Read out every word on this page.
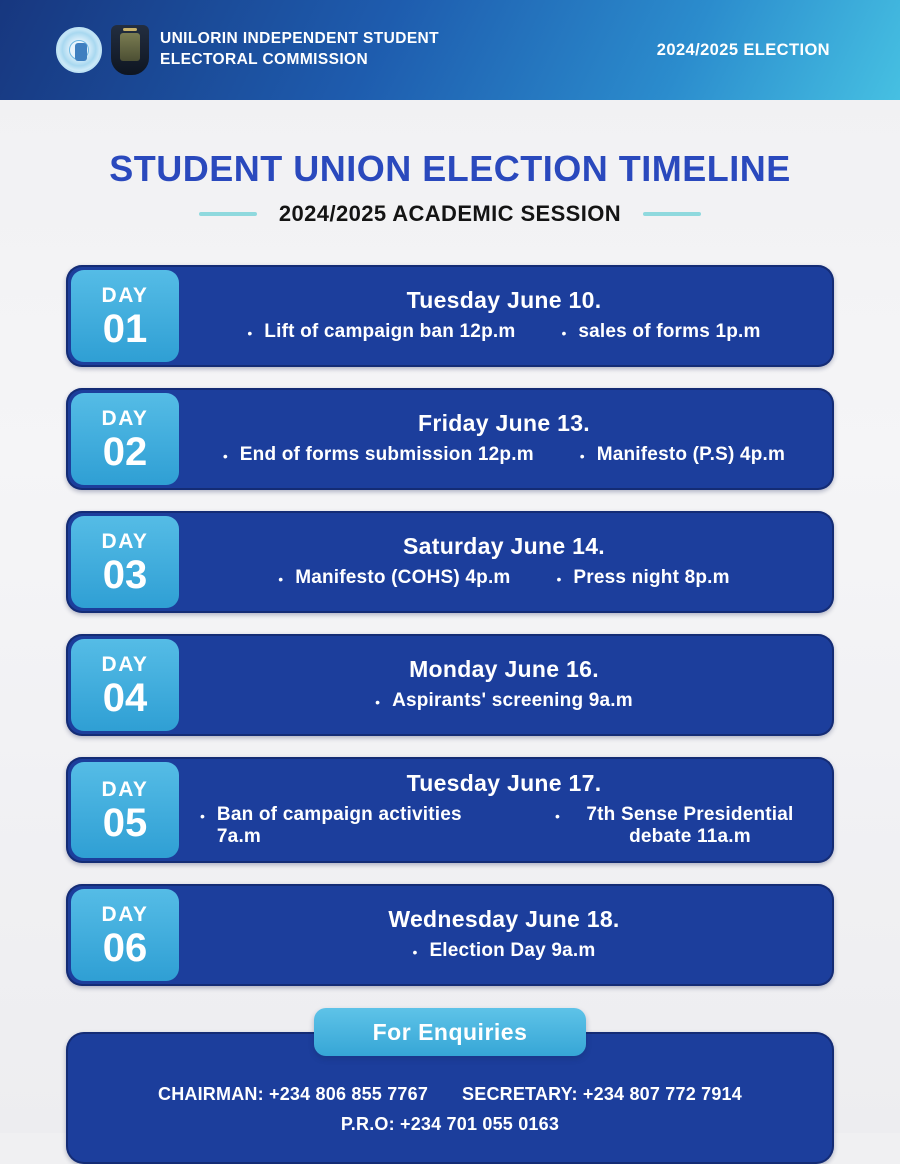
UNILORIN INDEPENDENT STUDENT
ELECTORAL COMMISSION
2024/2025 ELECTION
STUDENT UNION ELECTION TIMELINE
2024/2025 ACADEMIC SESSION
DAY
01
Tuesday June 10.
• Lift of campaign ban 12p.m	• sales of forms 1p.m
DAY
02
Friday June 13.
• End of forms submission 12p.m	• Manifesto (P.S) 4p.m
DAY
03
Saturday June 14.
• Manifesto (COHS) 4p.m	• Press night 8p.m
DAY
04
Monday June 16.
• Aspirants' screening 9a.m
DAY
05
Tuesday June 17.
• Ban of campaign activities 7a.m
•	7th Sense Presidential debate 11a.m
DAY
06
Wednesday June 18.
• Election Day 9a.m
For Enquiries
CHAIRMAN: +234 806 855 7767 SECRETARY: +234 807 772 7914
P.R.O: +234 701 055 0163
